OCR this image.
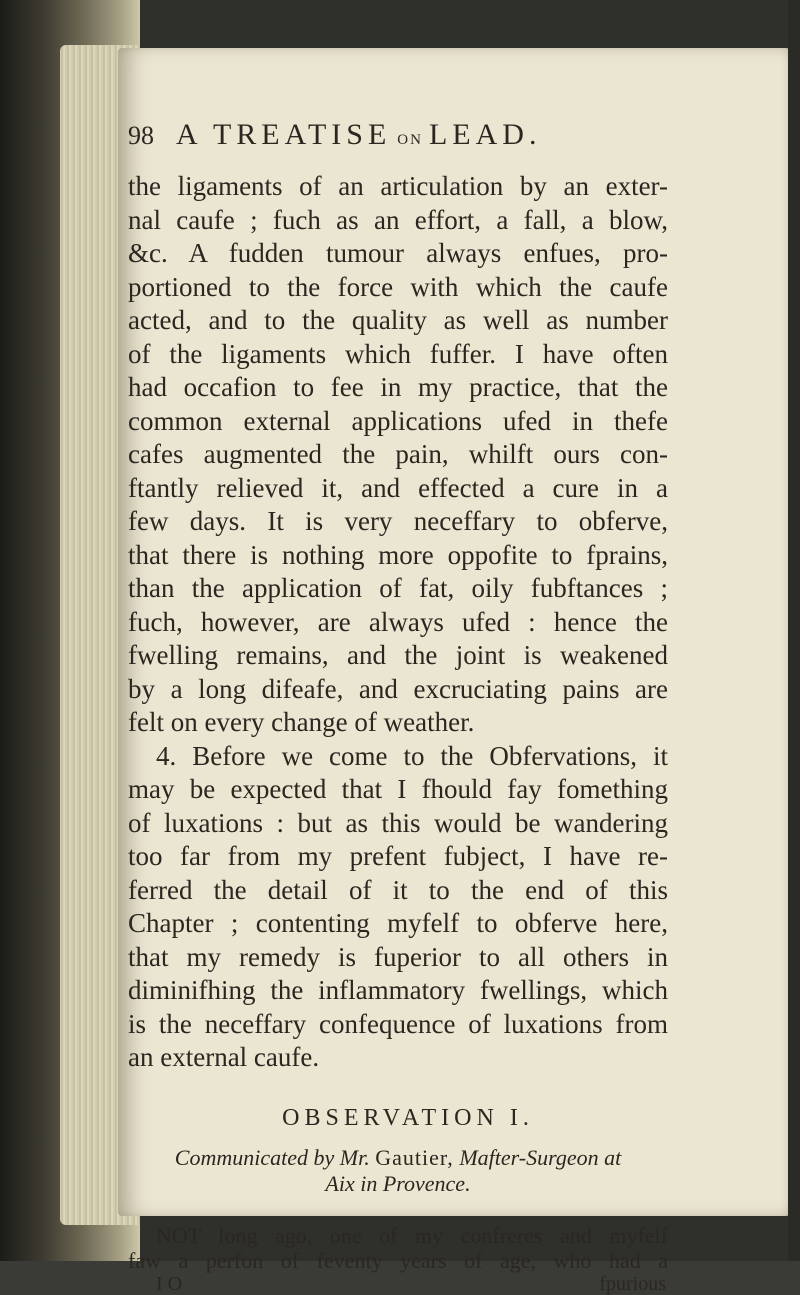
98 A TREATISE ON LEAD.
the ligaments of an articulation by an exter-
nal caufe ; fuch as an effort, a fall, a blow,
&c. A fudden tumour always enfues, pro-
portioned to the force with which the caufe
acted, and to the quality as well as number
of the ligaments which fuffer. I have often
had occafion to fee in my practice, that the
common external applications ufed in thefe
cafes augmented the pain, whilft ours con-
ftantly relieved it, and effected a cure in a
few days. It is very neceffary to obferve,
that there is nothing more oppofite to fprains,
than the application of fat, oily fubftances ;
fuch, however, are always ufed : hence the
fwelling remains, and the joint is weakened
by a long difeafe, and excruciating pains are
felt on every change of weather.
4. Before we come to the Obfervations, it
may be expected that I fhould fay fomething
of luxations : but as this would be wandering
too far from my prefent fubject, I have re-
ferred the detail of it to the end of this
Chapter ; contenting myfelf to obferve here,
that my remedy is fuperior to all others in
diminifhing the inflammatory fwellings, which
is the neceffary confequence of luxations from
an external caufe.
OBSERVATION I.
Communicated by Mr. Gautier, Mafter-Surgeon at
Aix in Provence.
NOT long ago, one of my confreres and myfelf
faw a perfon of feventy years of age, who had a
I O	fpurious
